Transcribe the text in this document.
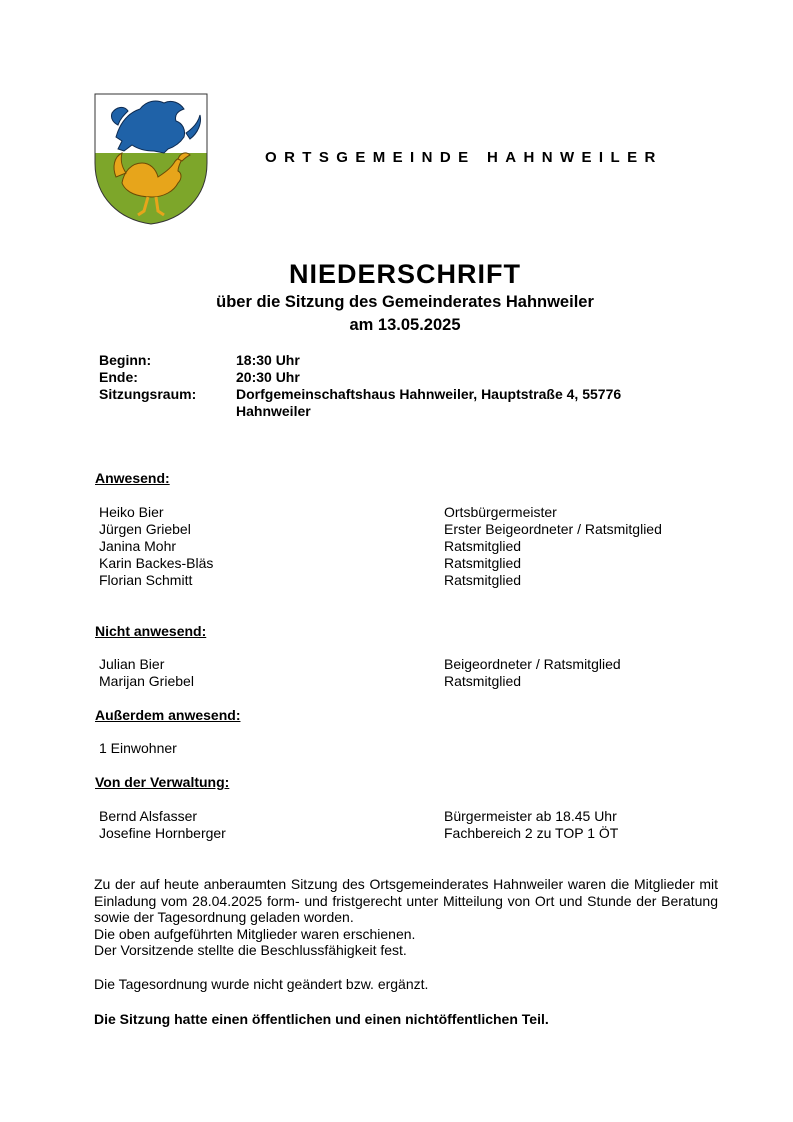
ORTSGEMEINDE HAHNWEILER
NIEDERSCHRIFT
über die Sitzung des Gemeinderates Hahnweiler
am 13.05.2025
Beginn:	18:30 Uhr
Ende:	20:30 Uhr
Sitzungsraum:	Dorfgemeinschaftshaus Hahnweiler, Hauptstraße 4, 55776 Hahnweiler
Anwesend:
Heiko Bier	Ortsbürgermeister
Jürgen Griebel	Erster Beigeordneter / Ratsmitglied
Janina Mohr	Ratsmitglied
Karin Backes-Bläs	Ratsmitglied
Florian Schmitt	Ratsmitglied
Nicht anwesend:
Julian Bier	Beigeordneter / Ratsmitglied
Marijan Griebel	Ratsmitglied
Außerdem anwesend:
1 Einwohner
Von der Verwaltung:
Bernd Alsfasser	Bürgermeister ab 18.45 Uhr
Josefine Hornberger	Fachbereich 2 zu TOP 1 ÖT

Zu der auf heute anberaumten Sitzung des Ortsgemeinderates Hahnweiler waren die Mitglieder mit Einladung vom 28.04.2025 form- und fristgerecht unter Mitteilung von Ort und Stunde der Beratung sowie der Tagesordnung geladen worden.

Die oben aufgeführten Mitglieder waren erschienen.

Der Vorsitzende stellte die Beschlussfähigkeit fest.

Die Tagesordnung wurde nicht geändert bzw. ergänzt.
Die Sitzung hatte einen öffentlichen und einen nichtöffentlichen Teil.
